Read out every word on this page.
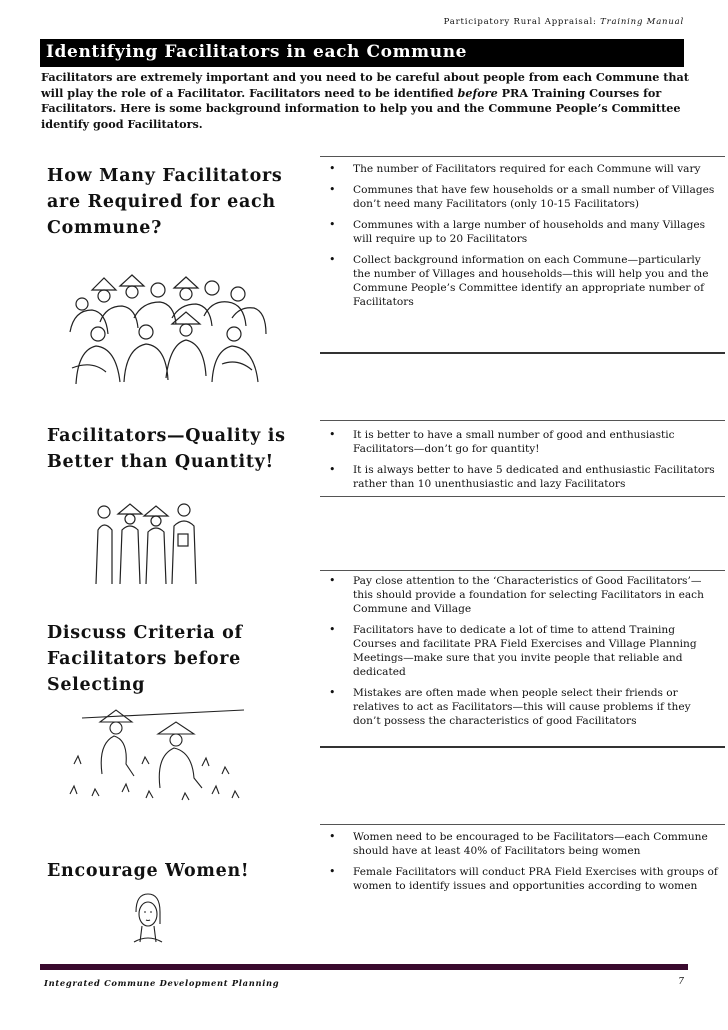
Participatory Rural Appraisal: Training Manual
Identifying Facilitators in each Commune
Facilitators are extremely important and you need to be careful about people from each Commune that will play the role of a Facilitator. Facilitators need to be identified before PRA Training Courses for Facilitators. Here is some background information to help you and the Commune People’s Committee identify good Facilitators.
How Many Facilitators are Required for each Commune?
• The number of Facilitators required for each Commune will vary
• Communes that have few households or a small number of Villages don’t need many Facilitators (only 10-15 Facilitators)
• Communes with a large number of households and many Villages will require up to 20 Facilitators
• Collect background information on each Commune—particularly the number of Villages and households—this will help you and the Commune People’s Committee identify an appropriate number of Facilitators
Facilitators—Quality is Better than Quantity!
• It is better to have a small number of good and enthusiastic Facilitators—don’t go for quantity!
• It is always better to have 5 dedicated and enthusiastic Facilitators rather than 10 unenthusiastic and lazy Facilitators
Discuss Criteria of Facilitators before Selecting
• Pay close attention to the ‘Characteristics of Good Facilitators’—this should provide a foundation for selecting Facilitators in each Commune and Village
• Facilitators have to dedicate a lot of time to attend Training Courses and facilitate PRA Field Exercises and Village Planning Meetings—make sure that you invite people that reliable and dedicated
• Mistakes are often made when people select their friends or relatives to act as Facilitators—this will cause problems if they don’t possess the characteristics of good Facilitators
Encourage Women!
• Women need to be encouraged to be Facilitators—each Commune should have at least 40% of Facilitators being women
• Female Facilitators will conduct PRA Field Exercises with groups of women to identify issues and opportunities according to women
Integrated Commune Development Planning	7
